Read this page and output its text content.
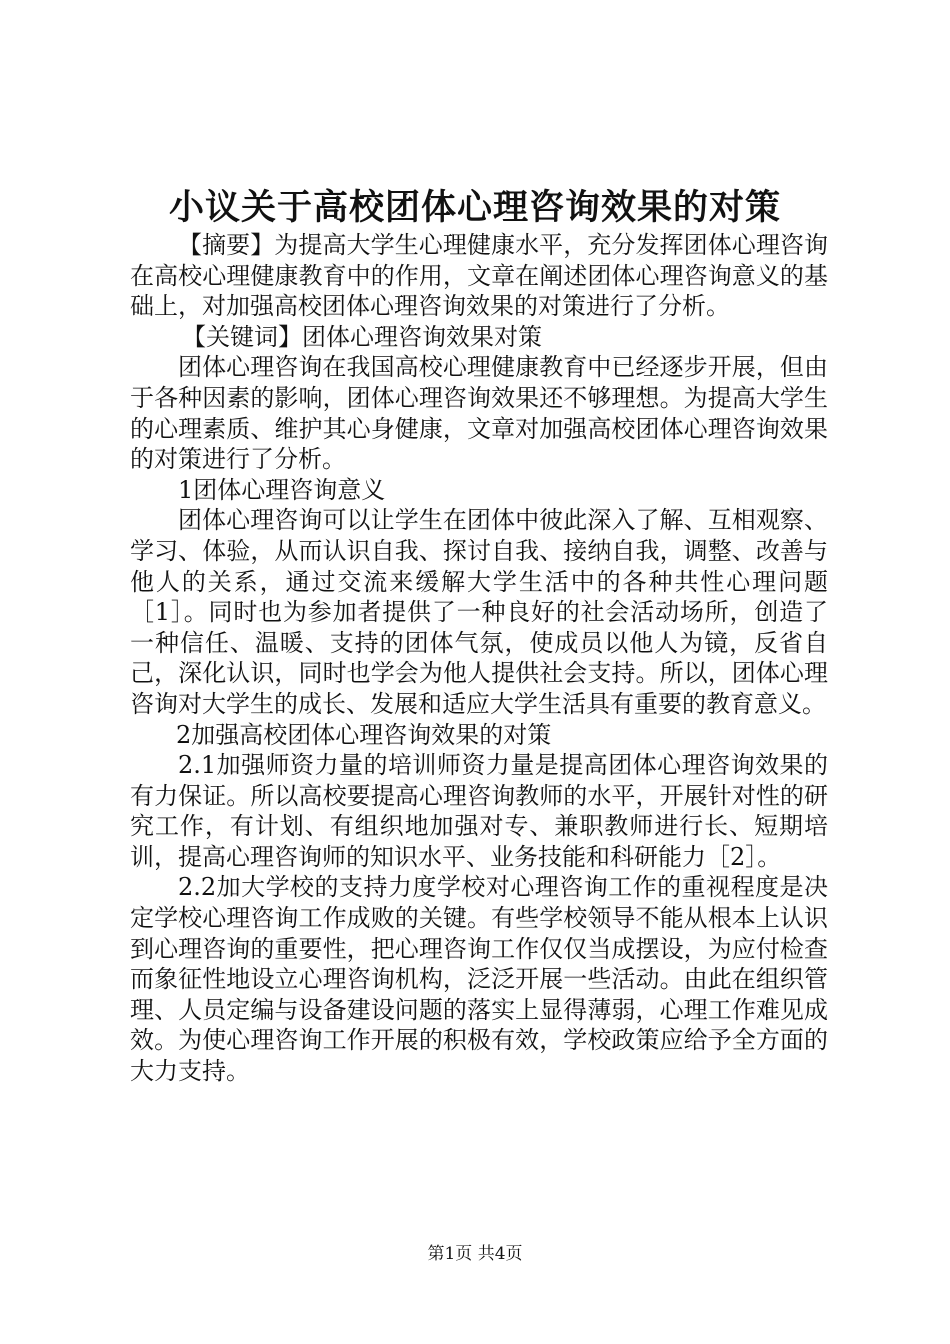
小议关于高校团体心理咨询效果的对策

【摘要】为提高大学生心理健康水平，充分发挥团体心理咨询在高校心理健康教育中的作用，文章在阐述团体心理咨询意义的基础上，对加强高校团体心理咨询效果的对策进行了分析。

【关键词】团体心理咨询效果对策

团体心理咨询在我国高校心理健康教育中已经逐步开展，但由于各种因素的影响，团体心理咨询效果还不够理想。为提高大学生的心理素质、维护其心身健康，文章对加强高校团体心理咨询效果的对策进行了分析。

1团体心理咨询意义

团体心理咨询可以让学生在团体中彼此深入了解、互相观察、学习、体验，从而认识自我、探讨自我、接纳自我，调整、改善与他人的关系，通过交流来缓解大学生活中的各种共性心理问题［1］。同时也为参加者提供了一种良好的社会活动场所，创造了一种信任、温暖、支持的团体气氛，使成员以他人为镜，反省自己，深化认识，同时也学会为他人提供社会支持。所以，团体心理咨询对大学生的成长、发展和适应大学生活具有重要的教育意义。

2加强高校团体心理咨询效果的对策

2.1加强师资力量的培训师资力量是提高团体心理咨询效果的有力保证。所以高校要提高心理咨询教师的水平，开展针对性的研究工作，有计划、有组织地加强对专、兼职教师进行长、短期培训，提高心理咨询师的知识水平、业务技能和科研能力［2］。

2.2加大学校的支持力度学校对心理咨询工作的重视程度是决定学校心理咨询工作成败的关键。有些学校领导不能从根本上认识到心理咨询的重要性，把心理咨询工作仅仅当成摆设，为应付检查而象征性地设立心理咨询机构，泛泛开展一些活动。由此在组织管理、人员定编与设备建设问题的落实上显得薄弱，心理工作难见成效。为使心理咨询工作开展的积极有效，学校政策应给予全方面的大力支持。

第1页 共4页
